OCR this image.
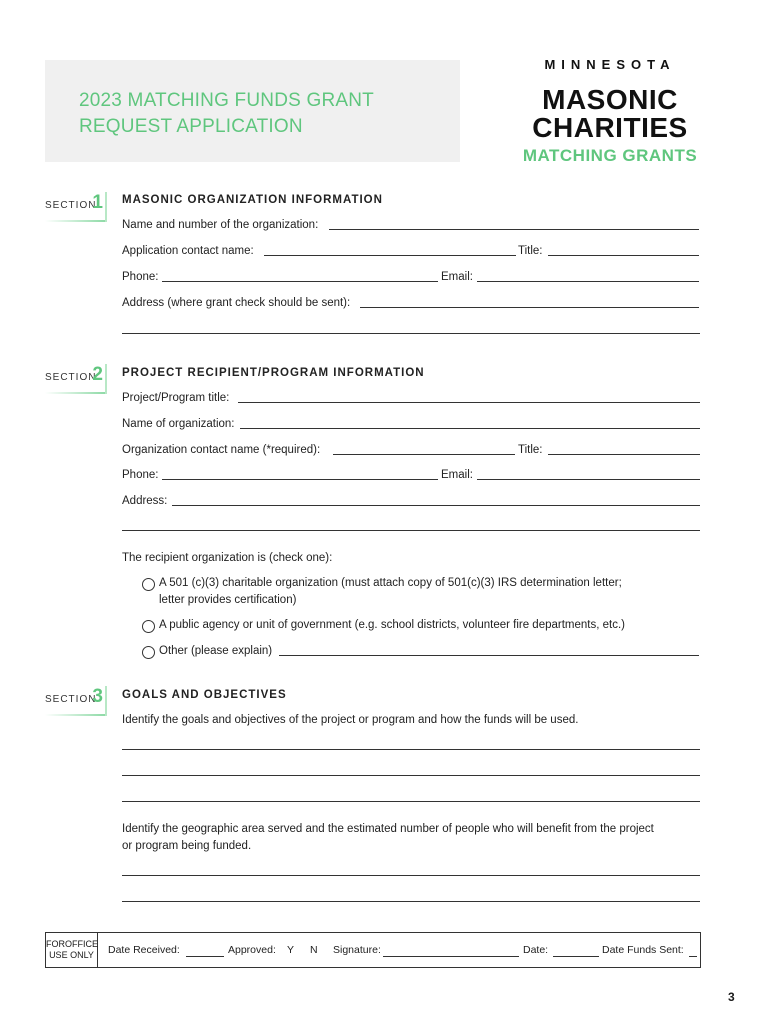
2023 MATCHING FUNDS GRANT
REQUEST APPLICATION
MINNESOTA
MASONIC
CHARITIES
MATCHING GRANTS
SECTION
1 MASONIC ORGANIZATION INFORMATION
Name and number of the organization:
Application contact name:	Title:
Phone:	Email:
Address (where grant check should be sent):
SECTION
2 PROJECT RECIPIENT/PROGRAM INFORMATION
Project/Program title:
Name of organization:
Organization contact name (*required):	Title:
Phone:	Email:
Address:
The recipient organization is (check one):
A 501 (c)(3) charitable organization (must attach copy of 501(c)(3) IRS determination letter;
letter provides certification)
A public agency or unit of government (e.g. school districts, volunteer fire departments, etc.)
Other (please explain)
SECTION
3 GOALS AND OBJECTIVES
Identify the goals and objectives of the project or program and how the funds will be used.
Identify the geographic area served and the estimated number of people who will benefit from the project
or program being funded.
FOROFFICE
USE ONLY Date Received:	Approved: Y N Signature:	Date:	Date Funds Sent:
3
